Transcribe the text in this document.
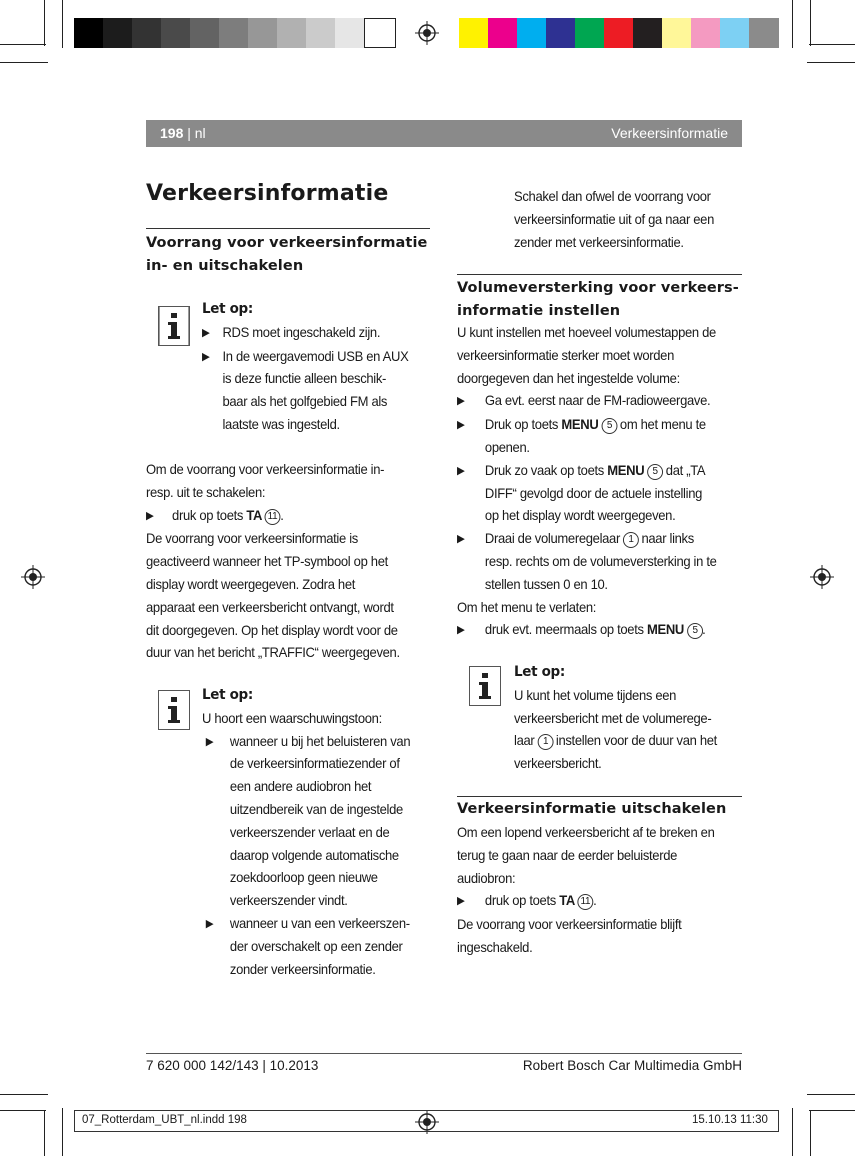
198 | nl	Verkeersinformatie
Verkeersinformatie
Voorrang voor verkeersinformatie
in- en uitschakelen
Let op:
▶ RDS moet ingeschakeld zijn.
▶ In de weergavemodi USB en AUX
is deze functie alleen beschik-
baar als het golfgebied FM als
laatste was ingesteld.
Om de voorrang voor verkeersinformatie in-
resp. uit te schakelen:
▶	druk op toets TA 11 .
De voorrang voor verkeersinformatie is
geactiveerd wanneer het TP-symbool op het
display wordt weergegeven. Zodra het
apparaat een verkeersbericht ontvangt, wordt
dit doorgegeven. Op het display wordt voor de
duur van het bericht „TRAFFIC“ weergegeven.
Let op:
U hoort een waarschuwingstoon:
▶	wanneer u bij het beluisteren van
de verkeersinformatiezender of
een andere audiobron het
uitzendbereik van de ingestelde
verkeerszender verlaat en de
daarop volgende automatische
zoekdoorloop geen nieuwe
verkeerszender vindt.
▶	wanneer u van een verkeerszen-
der overschakelt op een zender
zonder verkeersinformatie.
Schakel dan ofwel de voorrang voor
verkeersinformatie uit of ga naar een
zender met verkeersinformatie.
Volumeversterking voor verkeers-
informatie instellen
U kunt instellen met hoeveel volumestappen de
verkeersinformatie sterker moet worden
doorgegeven dan het ingestelde volume:
▶	Ga evt. eerst naar de FM-radioweergave.
▶	Druk op toets MENU 5 om het menu te
openen.
▶	Druk zo vaak op toets MENU 5 dat „TA
DIFF“ gevolgd door de actuele instelling
op het display wordt weergegeven.
▶	Draai de volumeregelaar 1 naar links
resp. rechts om de volumeversterking in te
stellen tussen 0 en 10.
Om het menu te verlaten:
▶	druk evt. meermaals op toets MENU 5 .
Let op:
U kunt het volume tijdens een
verkeersbericht met de volumerege-
laar 1 instellen voor de duur van het
verkeersbericht.
Verkeersinformatie uitschakelen
Om een lopend verkeersbericht af te breken en
terug te gaan naar de eerder beluisterde
audiobron:
▶	druk op toets TA 11 .
De voorrang voor verkeersinformatie blijft
ingeschakeld.
7 620 000 142/143 | 10.2013	Robert Bosch Car Multimedia GmbH
07_Rotterdam_UBT_nl.indd 198	15.10.13 11:30
